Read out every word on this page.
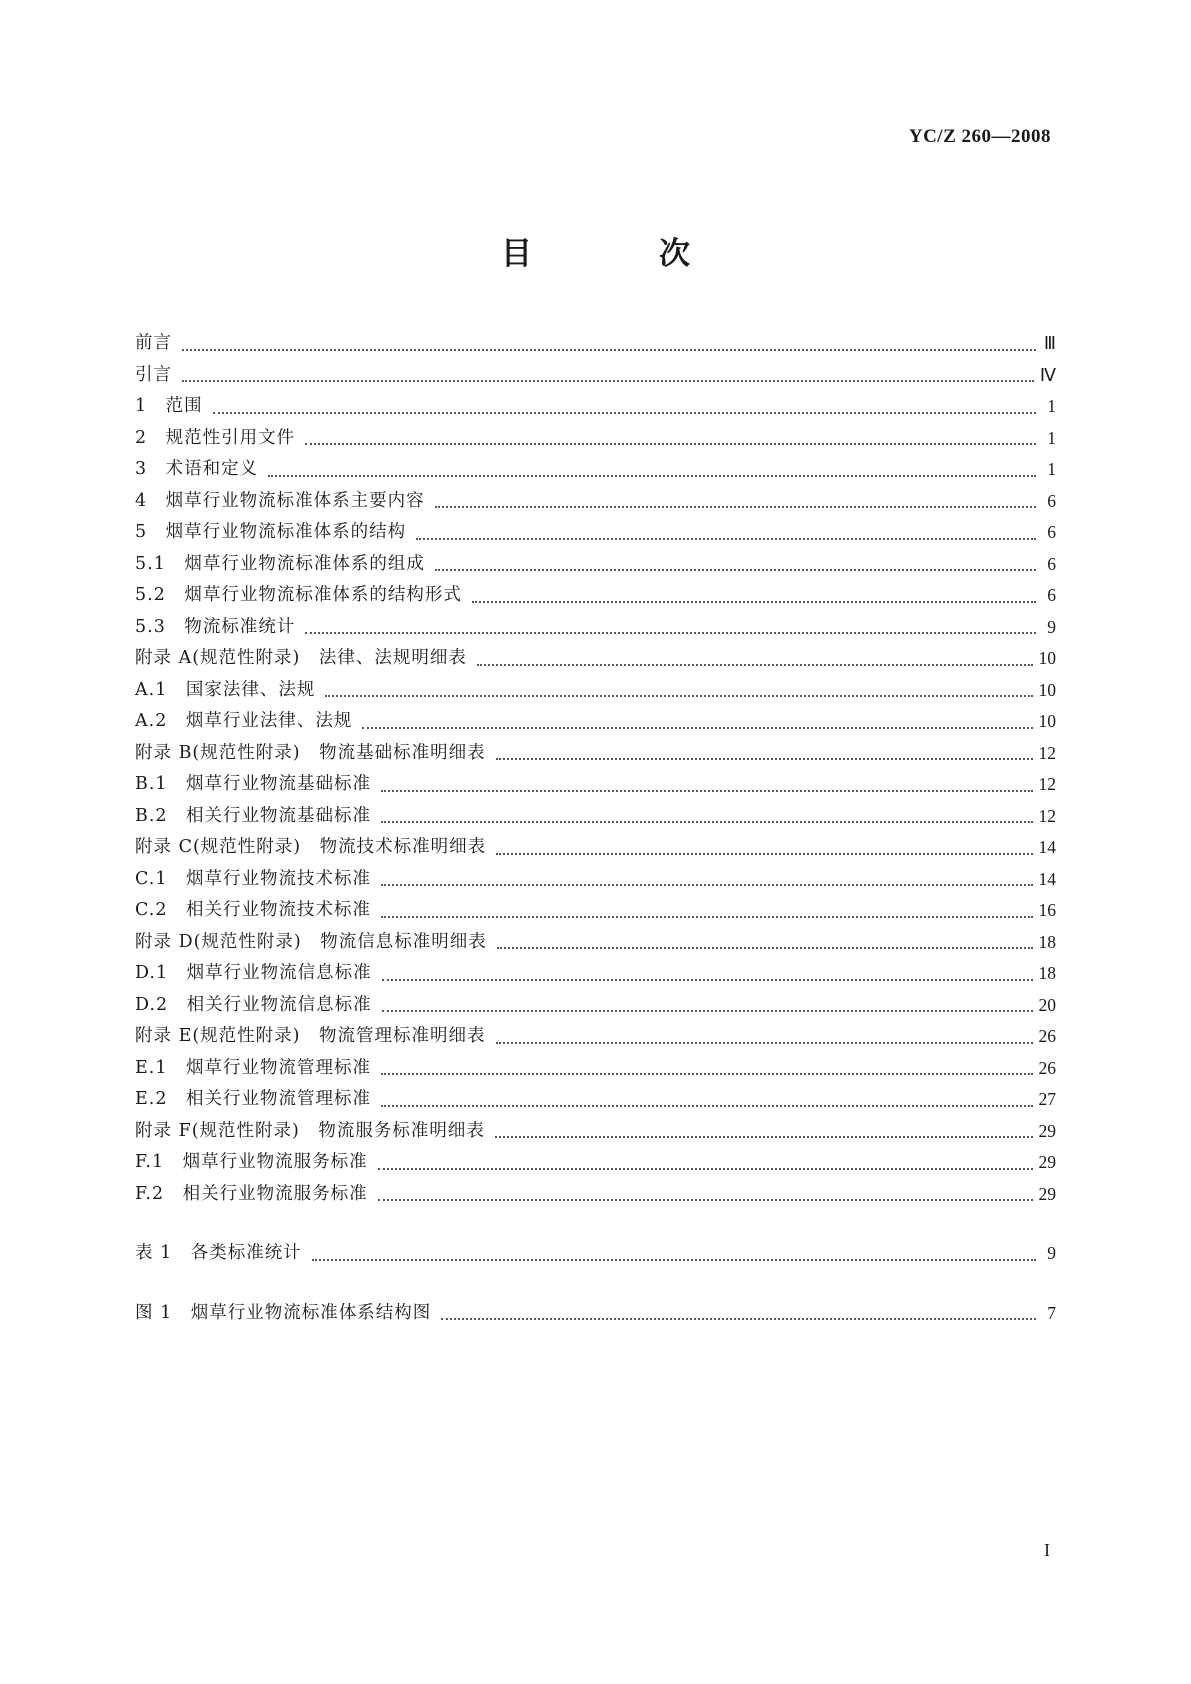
YC/Z 260—2008
目　次
前言	Ⅲ
引言	Ⅳ
1　范围	1
2　规范性引用文件	1
3　术语和定义	1
4　烟草行业物流标准体系主要内容	6
5　烟草行业物流标准体系的结构	6
5.1　烟草行业物流标准体系的组成	6
5.2　烟草行业物流标准体系的结构形式	6
5.3　物流标准统计	9
附录 A(规范性附录)　法律、法规明细表	10
A.1　国家法律、法规	10
A.2　烟草行业法律、法规	10
附录 B(规范性附录)　物流基础标准明细表	12
B.1　烟草行业物流基础标准	12
B.2　相关行业物流基础标准	12
附录 C(规范性附录)　物流技术标准明细表	14
C.1　烟草行业物流技术标准	14
C.2　相关行业物流技术标准	16
附录 D(规范性附录)　物流信息标准明细表	18
D.1　烟草行业物流信息标准	18
D.2　相关行业物流信息标准	20
附录 E(规范性附录)　物流管理标准明细表	26
E.1　烟草行业物流管理标准	26
E.2　相关行业物流管理标准	27
附录 F(规范性附录)　物流服务标准明细表	29
F.1　烟草行业物流服务标准	29
F.2　相关行业物流服务标准	29
表 1　各类标准统计	9
图 1　烟草行业物流标准体系结构图	7
I
